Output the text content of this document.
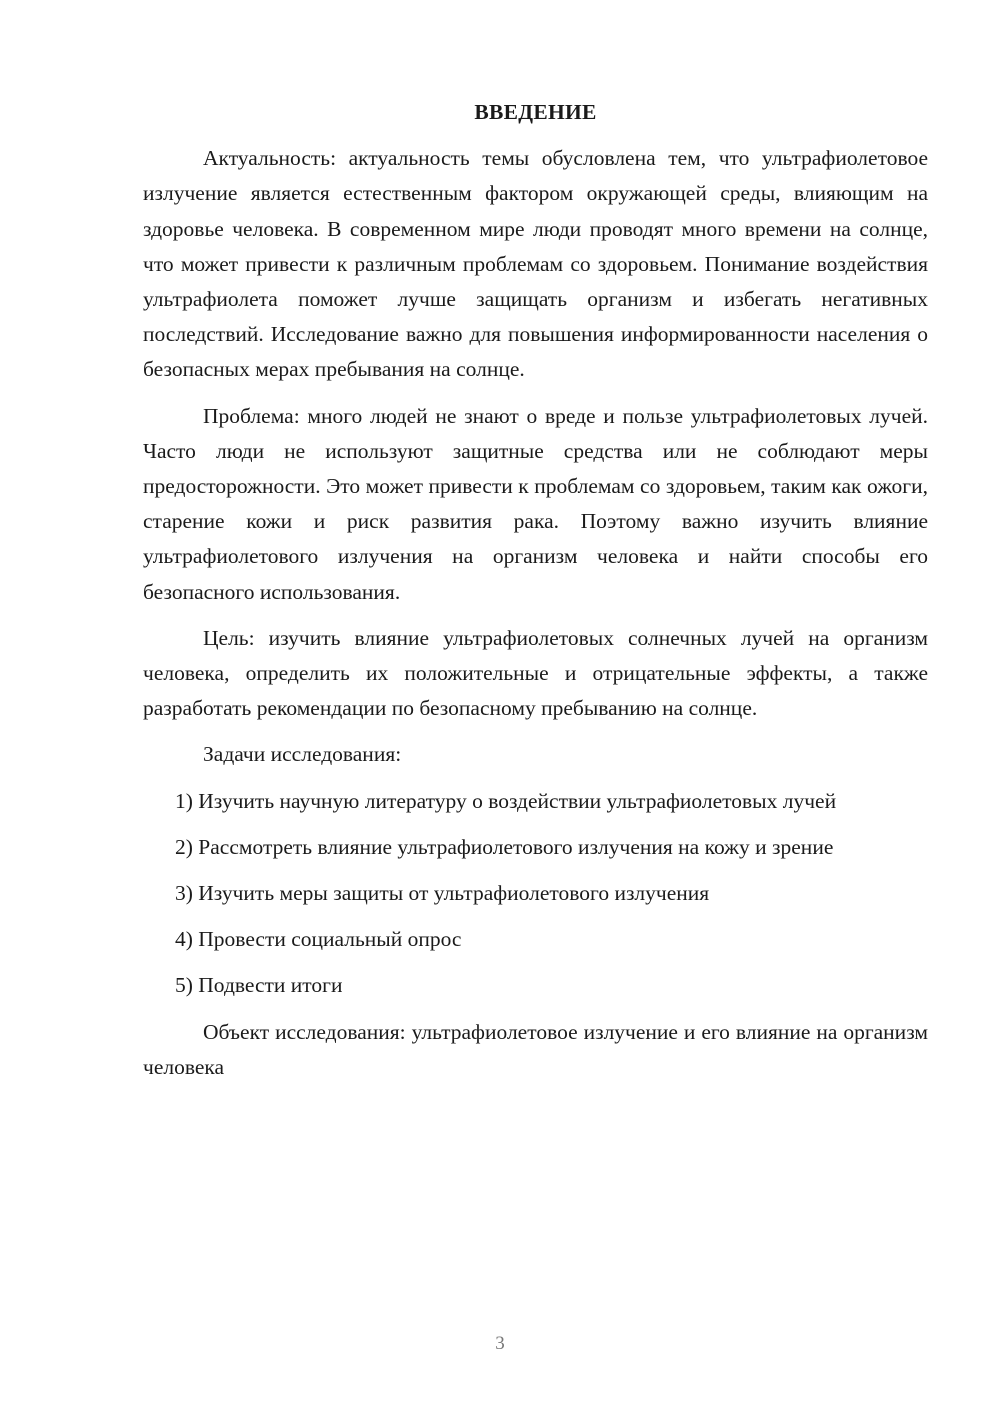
ВВЕДЕНИЕ

Актуальность: актуальность темы обусловлена тем, что ультрафиолетовое излучение является естественным фактором окружающей среды, влияющим на здоровье человека. В современном мире люди проводят много времени на солнце, что может привести к различным проблемам со здоровьем. Понимание воздействия ультрафиолета поможет лучше защищать организм и избегать негативных последствий. Исследование важно для повышения информированности населения о безопасных мерах пребывания на солнце.

Проблема: много людей не знают о вреде и пользе ультрафиолетовых лучей. Часто люди не используют защитные средства или не соблюдают меры предосторожности. Это может привести к проблемам со здоровьем, таким как ожоги, старение кожи и риск развития рака. Поэтому важно изучить влияние ультрафиолетового излучения на организм человека и найти способы его безопасного использования.

Цель: изучить влияние ультрафиолетовых солнечных лучей на организм человека, определить их положительные и отрицательные эффекты, а также разработать рекомендации по безопасному пребыванию на солнце.

Задачи исследования:

1) Изучить научную литературу о воздействии ультрафиолетовых лучей

2) Рассмотреть влияние ультрафиолетового излучения на кожу и зрение

3) Изучить меры защиты от ультрафиолетового излучения

4) Провести социальный опрос

5) Подвести итоги

Объект исследования: ультрафиолетовое излучение и его влияние на организм человека

3
